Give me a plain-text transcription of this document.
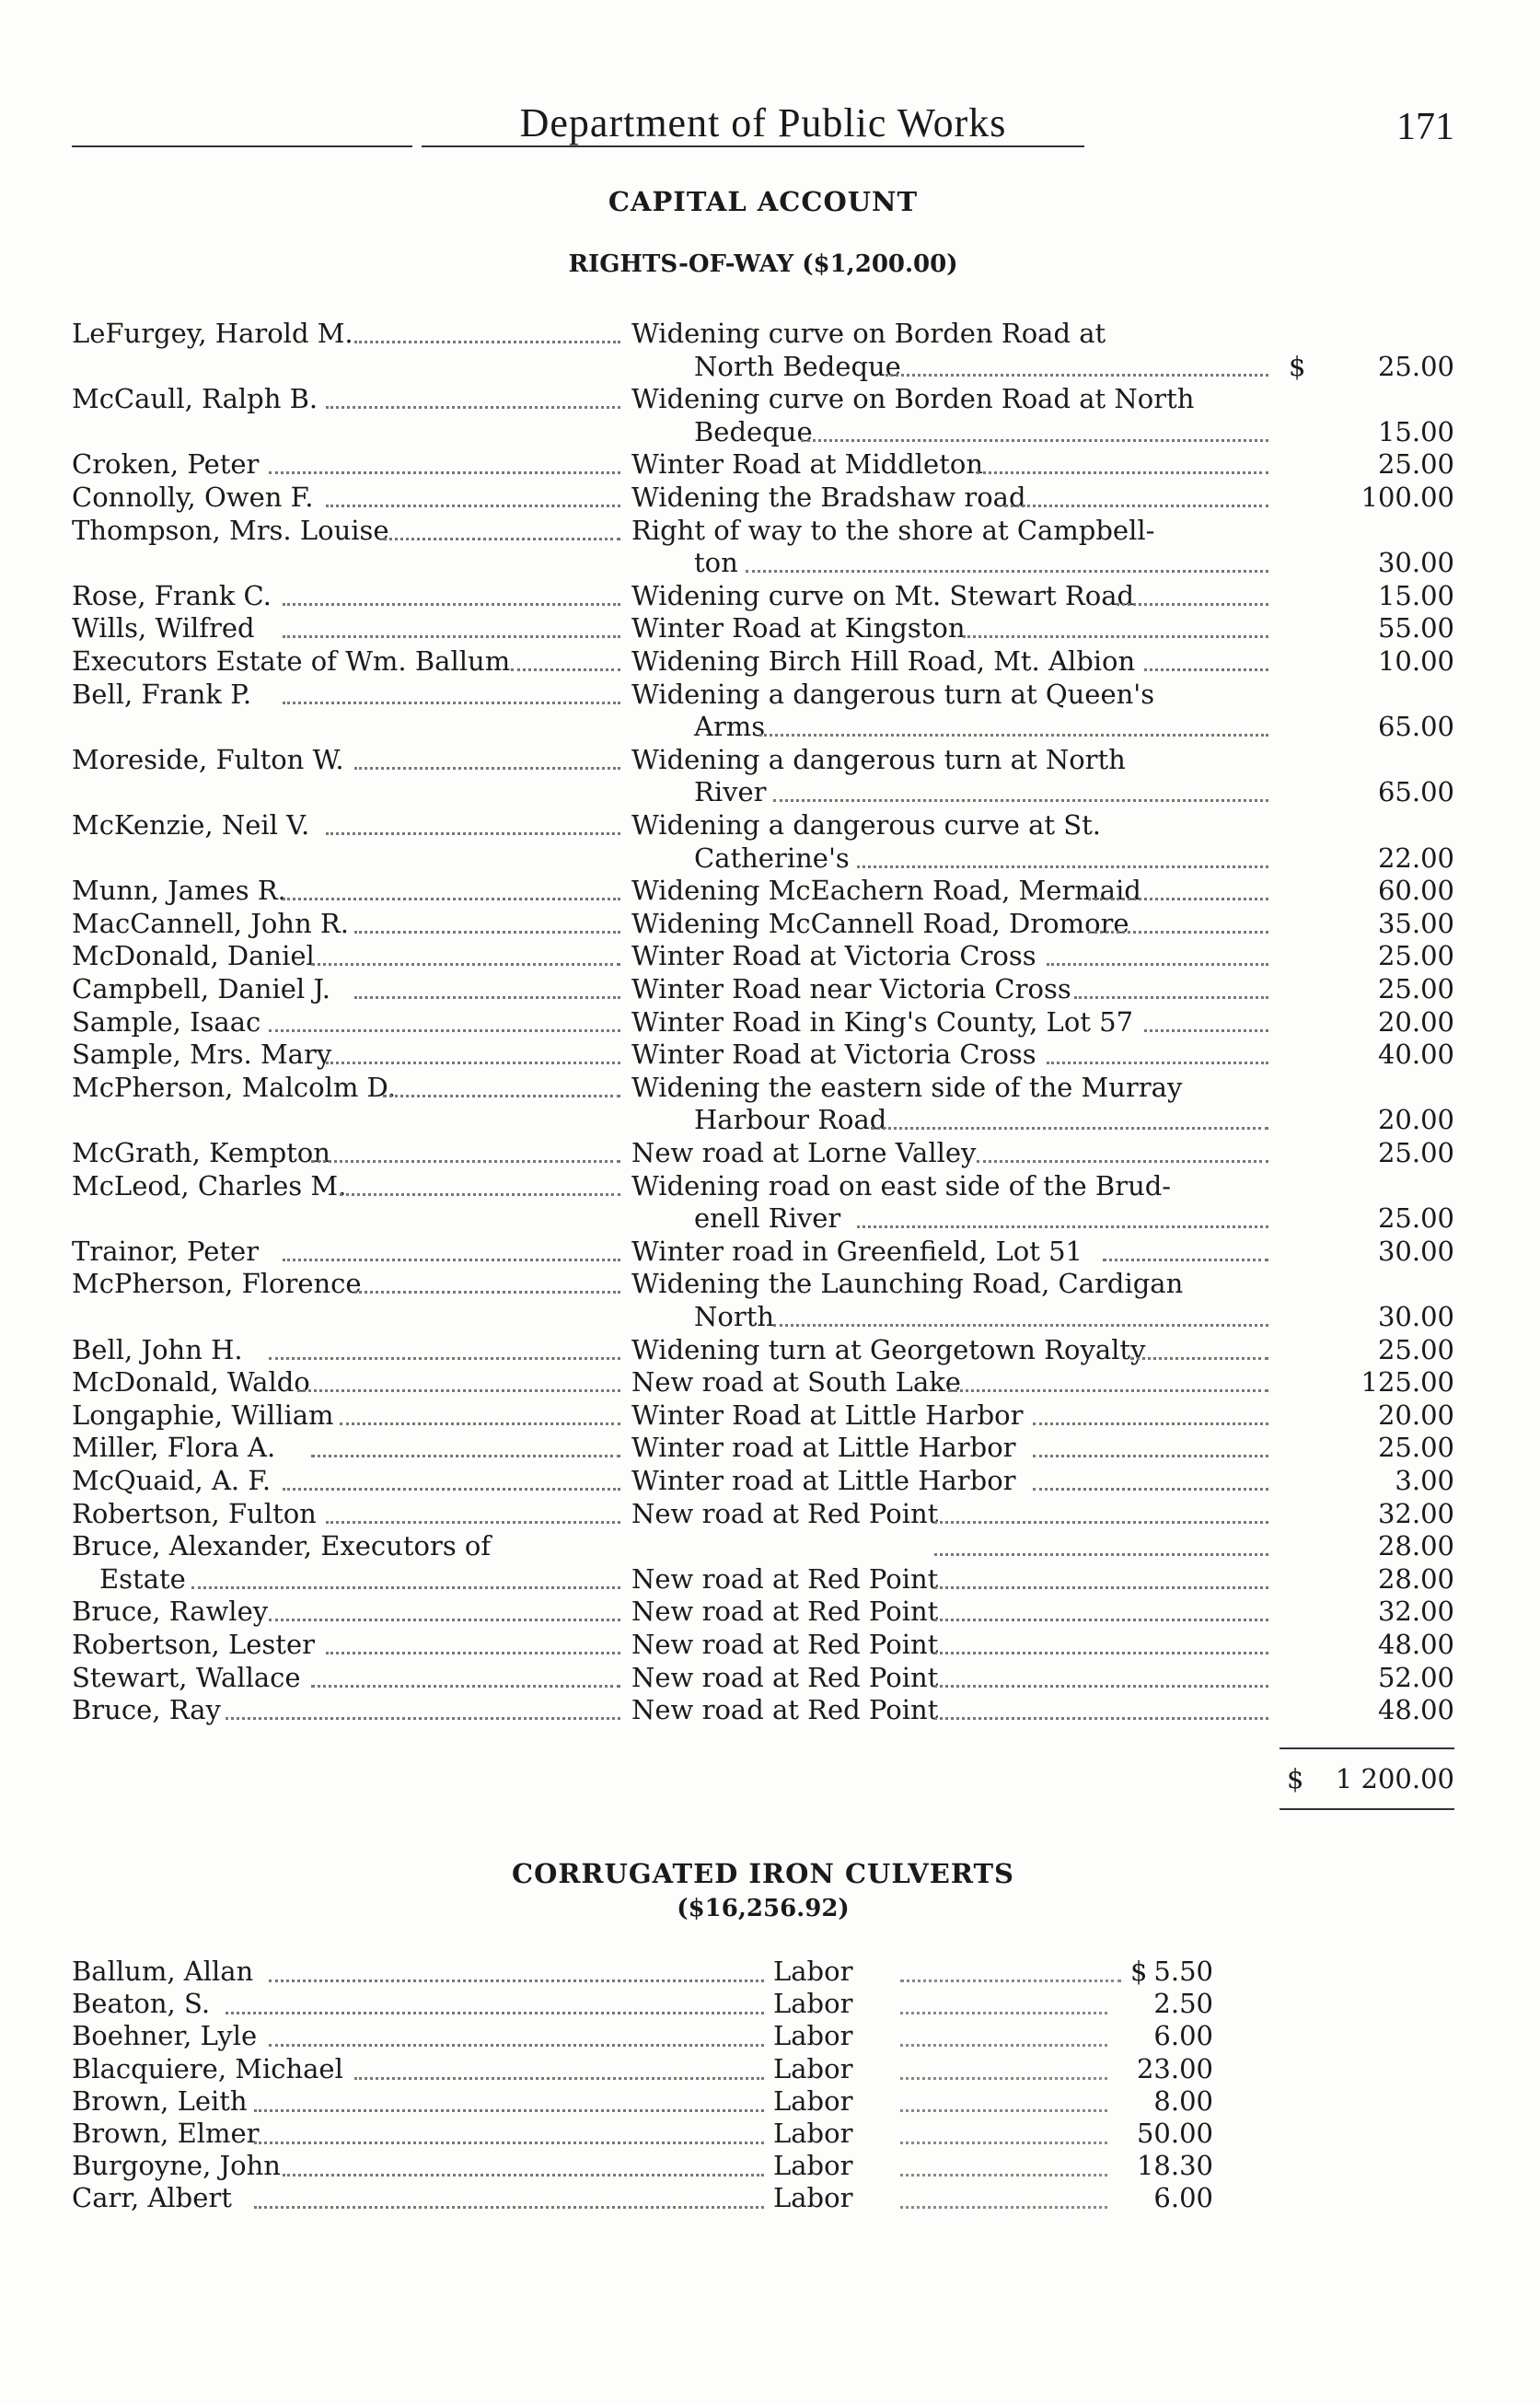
Department of Public Works	171
CAPITAL ACCOUNT
RIGHTS-OF-WAY ($1,200.00)
LeFurgey, Harold M.	Widening curve on Borden Road at
North Bedeque	$	25.00
McCaull, Ralph B.	Widening curve on Borden Road at North
Bedeque	15.00
Croken, Peter	Winter Road at Middleton	25.00
Connolly, Owen F.	Widening the Bradshaw road	100.00
Thompson, Mrs. Louise	Right of way to the shore at Campbell-
ton	30.00
Rose, Frank C.	Widening curve on Mt. Stewart Road	15.00
Wills, Wilfred	Winter Road at Kingston	55.00
Executors Estate of Wm. Ballum	Widening Birch Hill Road, Mt. Albion	10.00
Bell, Frank P.	Widening a dangerous turn at Queen's
Arms	65.00
Moreside, Fulton W.	Widening a dangerous turn at North
River	65.00
McKenzie, Neil V.	Widening a dangerous curve at St.
Catherine's	22.00
Munn, James R.	Widening McEachern Road, Mermaid	60.00
MacCannell, John R.	Widening McCannell Road, Dromore	35.00
McDonald, Daniel	Winter Road at Victoria Cross	25.00
Campbell, Daniel J.	Winter Road near Victoria Cross	25.00
Sample, Isaac	Winter Road in King's County, Lot 57	20.00
Sample, Mrs. Mary	Winter Road at Victoria Cross	40.00
McPherson, Malcolm D.	Widening the eastern side of the Murray
Harbour Road	20.00
McGrath, Kempton	New road at Lorne Valley	25.00
McLeod, Charles M.	Widening road on east side of the Brud-
enell River	25.00
Trainor, Peter	Winter road in Greenfield, Lot 51	30.00
McPherson, Florence	Widening the Launching Road, Cardigan
North	30.00
Bell, John H.	Widening turn at Georgetown Royalty	25.00
McDonald, Waldo	New road at South Lake	125.00
Longaphie, William	Winter Road at Little Harbor	20.00
Miller, Flora A.	Winter road at Little Harbor	25.00
McQuaid, A. F.	Winter road at Little Harbor	3.00
Robertson, Fulton	New road at Red Point	32.00
Bruce, Alexander, Executors of	28.00
Estate	New road at Red Point	28.00
Bruce, Rawley	New road at Red Point	32.00
Robertson, Lester	New road at Red Point	48.00
Stewart, Wallace	New road at Red Point	52.00
Bruce, Ray	New road at Red Point	48.00
$ 1 200.00
CORRUGATED IRON CULVERTS
($16,256.92)
Ballum, Allan	Labor	$ 5.50
Beaton, S.	Labor	2.50
Boehner, Lyle	Labor	6.00
Blacquiere, Michael	Labor	23.00
Brown, Leith	Labor	8.00
Brown, Elmer	Labor	50.00
Burgoyne, John	Labor	18.30
Carr, Albert	Labor	6.00
